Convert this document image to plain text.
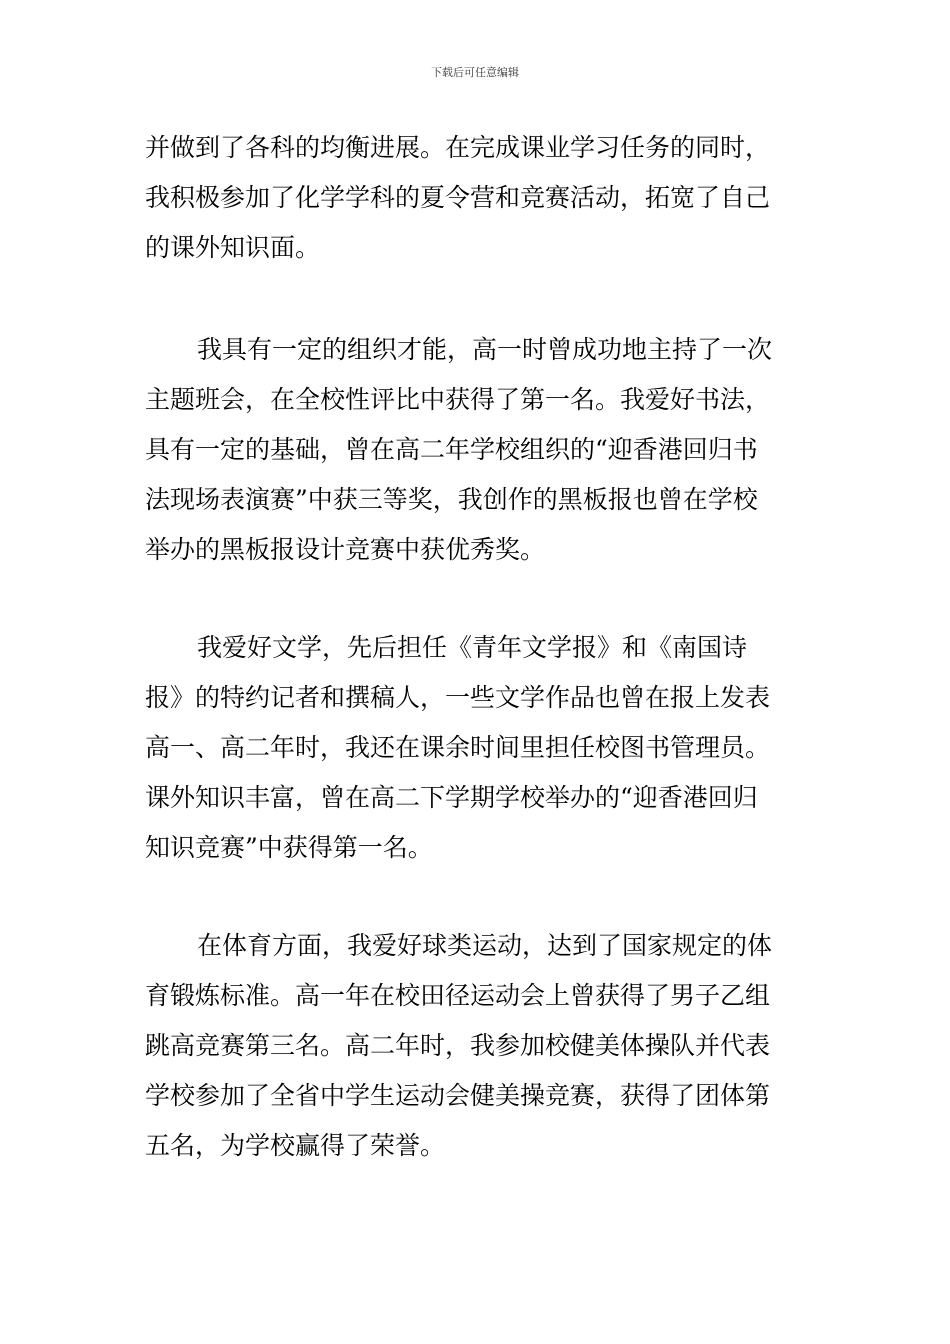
下载后可任意编辑
并做到了各科的均衡进展。在完成课业学习任务的同时，
我积极参加了化学学科的夏令营和竞赛活动，拓宽了自己
的课外知识面。
我具有一定的组织才能，高一时曾成功地主持了一次
主题班会，在全校性评比中获得了第一名。我爱好书法，
具有一定的基础，曾在高二年学校组织的“迎香港回归书
法现场表演赛”中获三等奖，我创作的黑板报也曾在学校
举办的黑板报设计竞赛中获优秀奖。
我爱好文学，先后担任《青年文学报》和《南国诗
报》的特约记者和撰稿人，一些文学作品也曾在报上发表
高一、高二年时，我还在课余时间里担任校图书管理员。
课外知识丰富，曾在高二下学期学校举办的“迎香港回归
知识竞赛”中获得第一名。
在体育方面，我爱好球类运动，达到了国家规定的体
育锻炼标准。高一年在校田径运动会上曾获得了男子乙组
跳高竞赛第三名。高二年时，我参加校健美体操队并代表
学校参加了全省中学生运动会健美操竞赛，获得了团体第
五名，为学校赢得了荣誉。
